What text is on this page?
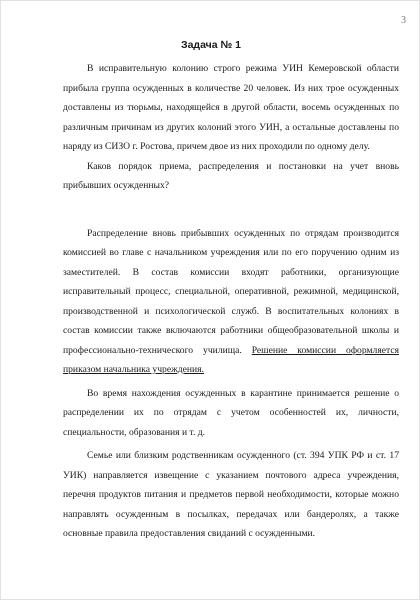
3
Задача № 1

В исправительную колонию строго режима УИН Кемеровской области прибыла группа осужденных в количестве 20 человек. Из них трое осужденных доставлены из тюрьмы, находящейся в другой области, восемь осужденных по различным причинам из других колоний этого УИН, а остальные доставлены по наряду из СИЗО г. Ростова, причем двое из них проходили по одному делу.

Каков порядок приема, распределения и постановки на учет вновь прибывших осужденных?

Распределение вновь прибывших осужденных по отрядам производится комиссией во главе с начальником учреждения или по его поручению одним из заместителей. В состав комиссии входят работники, организующие исправительный процесс, специальной, оперативной, режимной, медицинской, производственной и психологической служб. В воспитательных колониях в состав комиссии также включаются работники общеобразовательной школы и профессионально-технического училища. Решение комиссии оформляется приказом начальника учреждения.

Во время нахождения осужденных в карантине принимается решение о распределении их по отрядам с учетом особенностей их, личности, специальности, образования и т. д.

Семье или близким родственникам осужденного (ст. 394 УПК РФ и ст. 17 УИК) направляется извещение с указанием почтового адреса учреждения, перечня продуктов питания и предметов первой необходимости, которые можно направлять осужденным в посылках, передачах или бандеролях, а также основные правила предоставления свиданий с осужденными.
